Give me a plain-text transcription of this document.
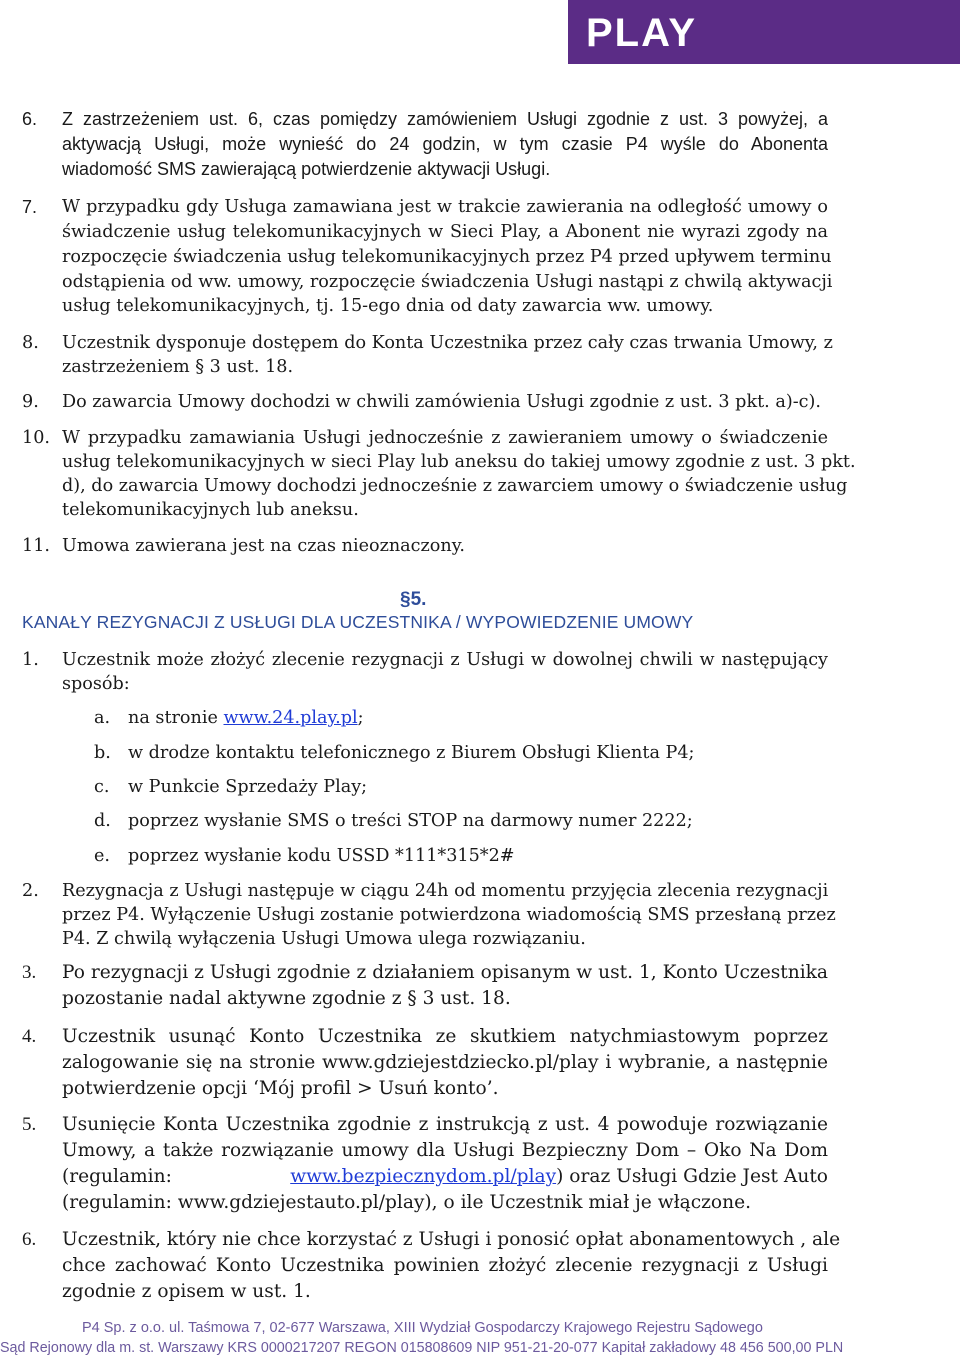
PLAY
6. Z zastrzeżeniem ust. 6, czas pomiędzy zamówieniem Usługi zgodnie z ust. 3 powyżej, a
aktywacją Usługi, może wynieść do 24 godzin, w tym czasie P4 wyśle do Abonenta
wiadomość SMS zawierającą potwierdzenie aktywacji Usługi.
7. W przypadku gdy Usługa zamawiana jest w trakcie zawierania na odległość umowy o
świadczenie usług telekomunikacyjnych w Sieci Play, a Abonent nie wyrazi zgody na
rozpoczęcie świadczenia usług telekomunikacyjnych przez P4 przed upływem terminu
odstąpienia od ww. umowy, rozpoczęcie świadczenia Usługi nastąpi z chwilą aktywacji
usług telekomunikacyjnych, tj. 15-ego dnia od daty zawarcia ww. umowy.
8. Uczestnik dysponuje dostępem do Konta Uczestnika przez cały czas trwania Umowy, z
zastrzeżeniem § 3 ust. 18.
9. Do zawarcia Umowy dochodzi w chwili zamówienia Usługi zgodnie z ust. 3 pkt. a)-c).
10. W przypadku zamawiania Usługi jednocześnie z zawieraniem umowy o świadczenie
usług telekomunikacyjnych w sieci Play lub aneksu do takiej umowy zgodnie z ust. 3 pkt.
d), do zawarcia Umowy dochodzi jednocześnie z zawarciem umowy o świadczenie usług
telekomunikacyjnych lub aneksu.
11. Umowa zawierana jest na czas nieoznaczony.
§5.
KANAŁY REZYGNACJI Z USŁUGI DLA UCZESTNIKA / WYPOWIEDZENIE UMOWY
1. Uczestnik może złożyć zlecenie rezygnacji z Usługi w dowolnej chwili w następujący
sposób:
a. na stronie www.24.play.pl;
b. w drodze kontaktu telefonicznego z Biurem Obsługi Klienta P4;
c. w Punkcie Sprzedaży Play;
d. poprzez wysłanie SMS o treści STOP na darmowy numer 2222;
e. poprzez wysłanie kodu USSD *111*315*2#
2. Rezygnacja z Usługi następuje w ciągu 24h od momentu przyjęcia zlecenia rezygnacji
przez P4. Wyłączenie Usługi zostanie potwierdzona wiadomością SMS przesłaną przez
P4. Z chwilą wyłączenia Usługi Umowa ulega rozwiązaniu.
3. Po rezygnacji z Usługi zgodnie z działaniem opisanym w ust. 1, Konto Uczestnika
pozostanie nadal aktywne zgodnie z § 3 ust. 18.
4. Uczestnik usunąć Konto Uczestnika ze skutkiem natychmiastowym poprzez
zalogowanie się na stronie www.gdziejestdziecko.pl/play i wybranie, a następnie
potwierdzenie opcji ‘Mój profil > Usuń konto’.
5. Usunięcie Konta Uczestnika zgodnie z instrukcją z ust. 4 powoduje rozwiązanie
Umowy, a także rozwiązanie umowy dla Usługi Bezpieczny Dom – Oko Na Dom
(regulamin:	www.bezpiecznydom.pl/play ) oraz Usługi Gdzie Jest Auto
(regulamin: www.gdziejestauto.pl/play), o ile Uczestnik miał je włączone.
6. Uczestnik, który nie chce korzystać z Usługi i ponosić opłat abonamentowych , ale
chce zachować Konto Uczestnika powinien złożyć zlecenie rezygnacji z Usługi
zgodnie z opisem w ust. 1.
P4 Sp. z o.o. ul. Taśmowa 7, 02-677 Warszawa, XIII Wydział Gospodarczy Krajowego Rejestru Sądowego
Sąd Rejonowy dla m. st. Warszawy KRS 0000217207 REGON 015808609 NIP 951-21-20-077 Kapitał zakładowy 48 456 500,00 PLN
